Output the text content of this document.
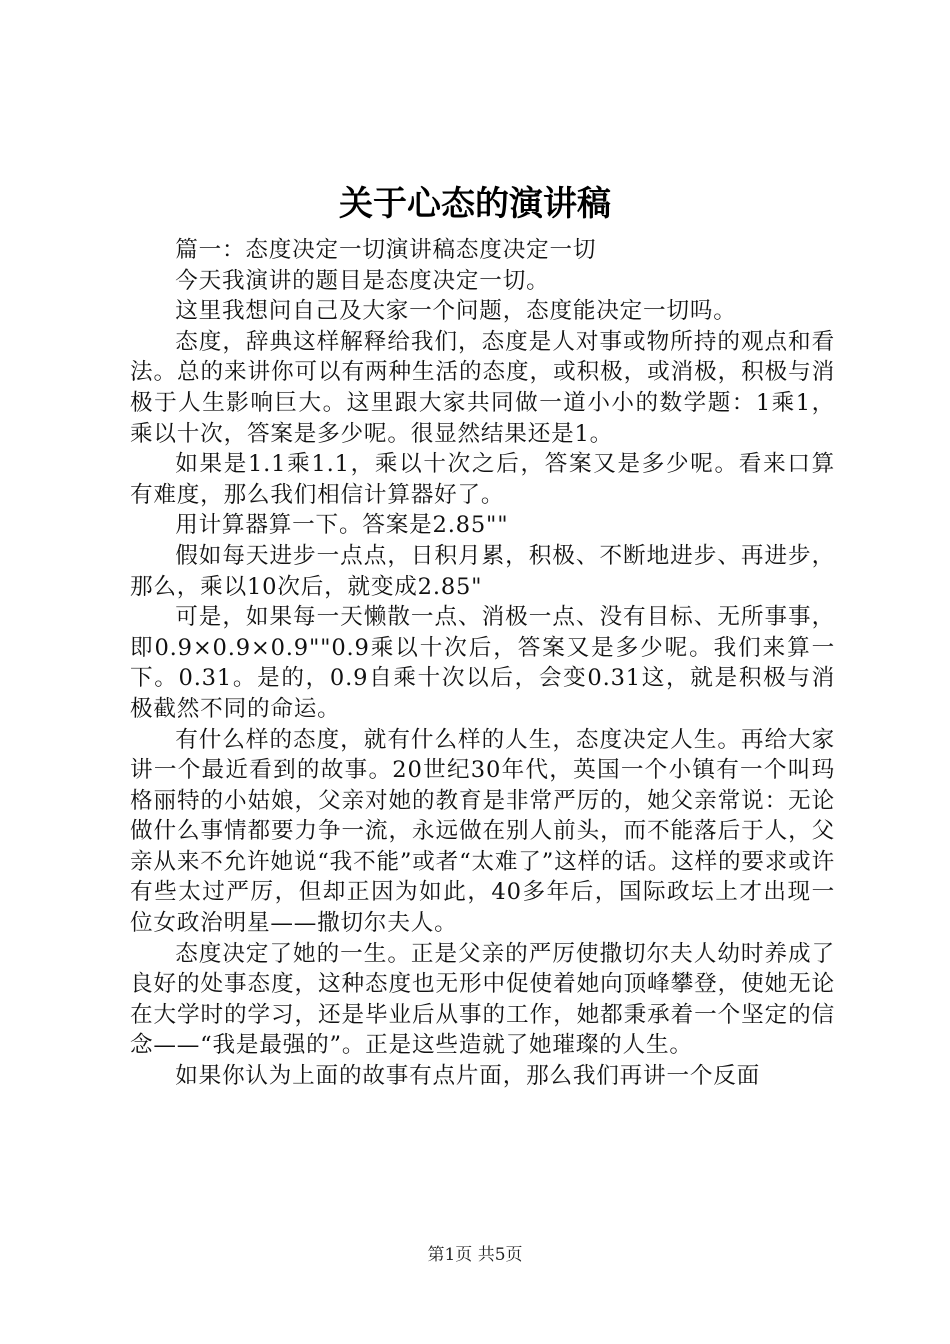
关于心态的演讲稿

篇一：态度决定一切演讲稿态度决定一切

今天我演讲的题目是态度决定一切。

这里我想问自己及大家一个问题，态度能决定一切吗。

态度，辞典这样解释给我们，态度是人对事或物所持的观点和看法。总的来讲你可以有两种生活的态度，或积极，或消极，积极与消极于人生影响巨大。这里跟大家共同做一道小小的数学题：1乘1，乘以十次，答案是多少呢。很显然结果还是1。

如果是1.1乘1.1，乘以十次之后，答案又是多少呢。看来口算有难度，那么我们相信计算器好了。

用计算器算一下。答案是2.85""

假如每天进步一点点，日积月累，积极、不断地进步、再进步，那么，乘以10次后，就变成2.85"

可是，如果每一天懒散一点、消极一点、没有目标、无所事事，即0.9×0.9×0.9""0.9乘以十次后，答案又是多少呢。我们来算一下。0.31。是的，0.9自乘十次以后，会变0.31这，就是积极与消极截然不同的命运。

有什么样的态度，就有什么样的人生，态度决定人生。再给大家讲一个最近看到的故事。20世纪30年代，英国一个小镇有一个叫玛格丽特的小姑娘，父亲对她的教育是非常严厉的，她父亲常说：无论做什么事情都要力争一流，永远做在别人前头，而不能落后于人，父亲从来不允许她说“我不能”或者“太难了”这样的话。这样的要求或许有些太过严厉，但却正因为如此，40多年后，国际政坛上才出现一位女政治明星——撒切尔夫人。

态度决定了她的一生。正是父亲的严厉使撒切尔夫人幼时养成了良好的处事态度，这种态度也无形中促使着她向顶峰攀登，使她无论在大学时的学习，还是毕业后从事的工作，她都秉承着一个坚定的信念——“我是最强的”。正是这些造就了她璀璨的人生。

如果你认为上面的故事有点片面，那么我们再讲一个反面

第1页 共5页
